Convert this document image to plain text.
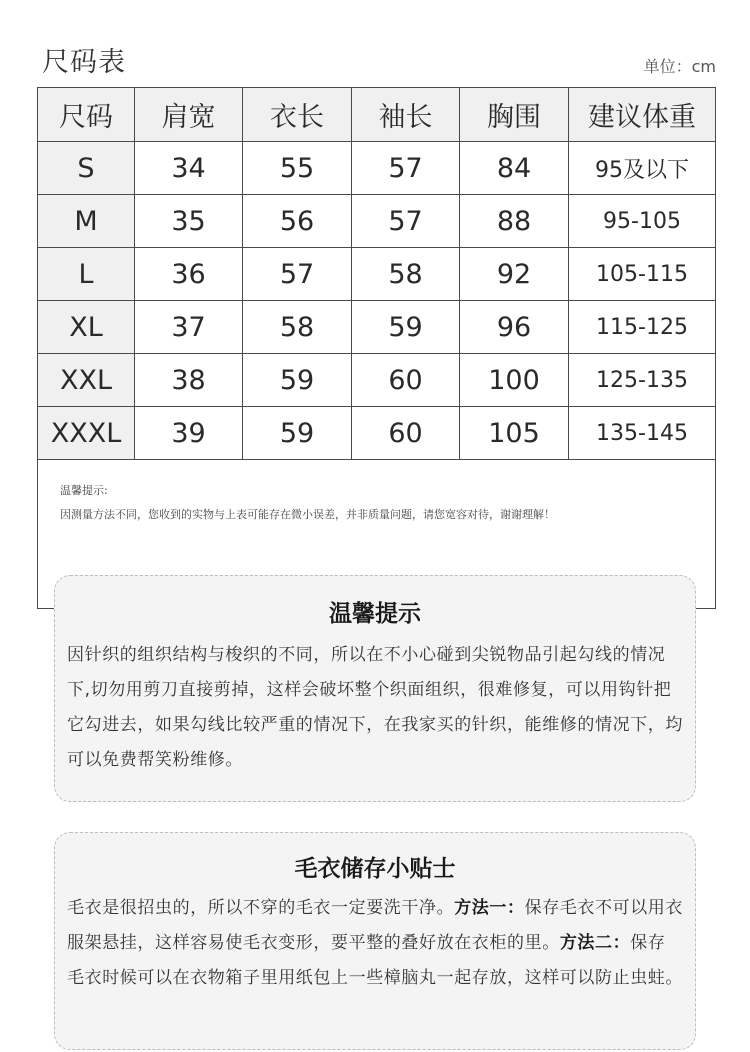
尺码表	单位：cm
尺码	肩宽	衣长	袖长	胸围	建议体重
S	34	55	57	84	95及以下
M	35	56	57	88	95-105
L	36	57	58	92	105-115
XL	37	58	59	96	115-125
XXL	38	59	60	100	125-135
XXXL	39	59	60	105	135-145

温馨提示:
因测量方法不同，您收到的实物与上表可能存在微小误差，并非质量问题，请您宽容对待，谢谢理解！					
温馨提示

因针织的组织结构与梭织的不同，所以在不小心碰到尖锐物品引起勾线的情况下,切勿用剪刀直接剪掉，这样会破坏整个织面组织，很难修复，可以用钩针把它勾进去，如果勾线比较严重的情况下，在我家买的针织，能维修的情况下，均可以免费帮笑粉维修。

毛衣储存小贴士

毛衣是很招虫的，所以不穿的毛衣一定要洗干净。方法一：保存毛衣不可以用衣服架悬挂，这样容易使毛衣变形，要平整的叠好放在衣柜的里。方法二：保存毛衣时候可以在衣物箱子里用纸包上一些樟脑丸一起存放，这样可以防止虫蛀。
